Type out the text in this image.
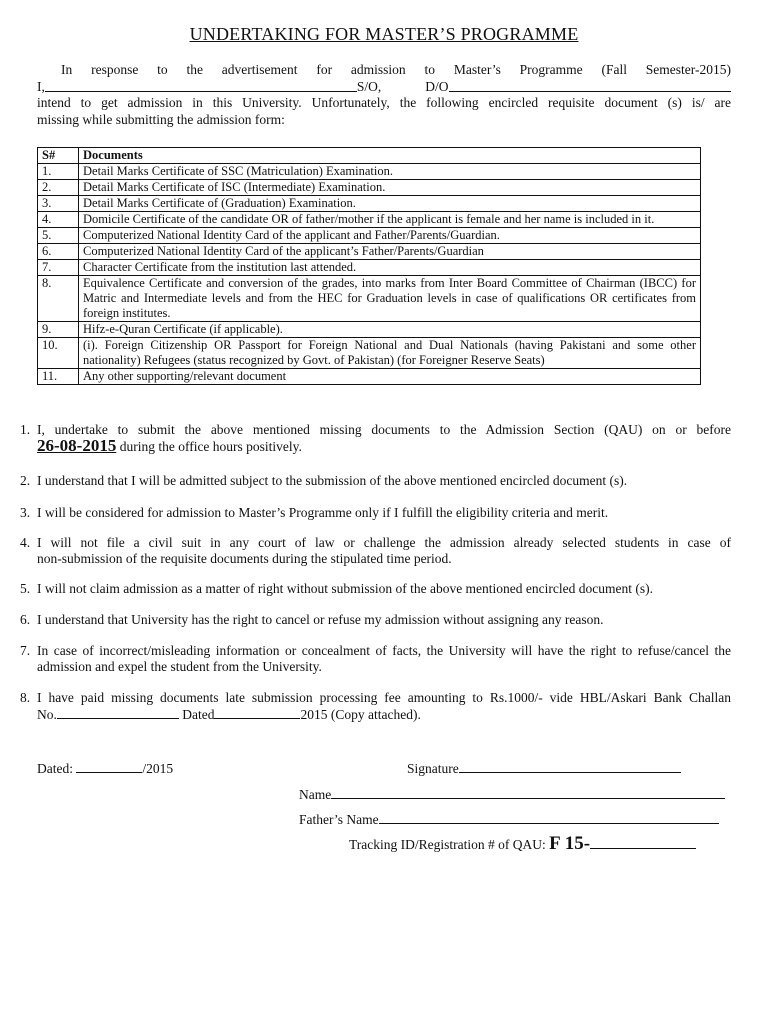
UNDERTAKING FOR MASTER’S PROGRAMME
In response to the advertisement for admission to Master’s Programme (Fall Semester-2015)
I,	S/O,	D/O
intend to get admission in this University. Unfortunately, the following encircled requisite document (s) is/ are
missing while submitting the admission form:
S#	Documents
1.	Detail Marks Certificate of SSC (Matriculation) Examination.
2.	Detail Marks Certificate of ISC (Intermediate) Examination.
3.	Detail Marks Certificate of (Graduation) Examination.
4.	Domicile Certificate of the candidate OR of father/mother if the applicant is female and her name is included in it.
5.	Computerized National Identity Card of the applicant and Father/Parents/Guardian.
6.	Computerized National Identity Card of the applicant’s Father/Parents/Guardian
7.	Character Certificate from the institution last attended.
8.	Equivalence Certificate and conversion of the grades, into marks from Inter Board Committee of Chairman (IBCC) for Matric and Intermediate levels and from the HEC for Graduation levels in case of qualifications OR certificates from foreign institutes.
9.	Hifz-e-Quran Certificate (if applicable).
10.	(i). Foreign Citizenship OR Passport for Foreign National and Dual Nationals (having Pakistani and some other nationality) Refugees (status recognized by Govt. of Pakistan) (for Foreigner Reserve Seats)
11.	Any other supporting/relevant document
1. I, undertake to submit the above mentioned missing documents to the Admission Section (QAU) on or before
26-08-2015 during the office hours positively.
2. I understand that I will be admitted subject to the submission of the above mentioned encircled document (s).
3. I will be considered for admission to Master’s Programme only if I fulfill the eligibility criteria and merit.
4. I will not file a civil suit in any court of law or challenge the admission already selected students in case of
non-submission of the requisite documents during the stipulated time period.
5. I will not claim admission as a matter of right without submission of the above mentioned encircled document (s).
6. I understand that University has the right to cancel or refuse my admission without assigning any reason.
7. In case of incorrect/misleading information or concealment of facts, the University will have the right to refuse/cancel the
admission and expel the student from the University.
8. I have paid missing documents late submission processing fee amounting to Rs.1000/- vide HBL/Askari Bank Challan
No.	Dated	2015 (Copy attached).
Dated:	/2015	Signature
Name
Father’s Name
Tracking ID/Registration # of QAU: F 15-
